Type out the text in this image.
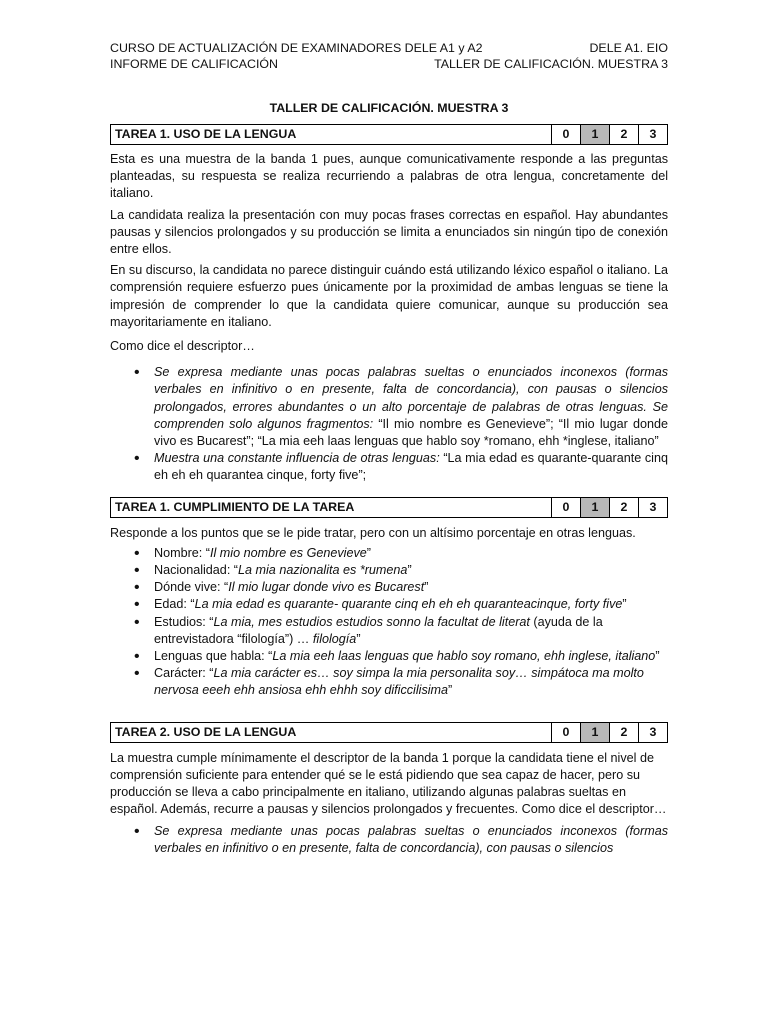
CURSO DE ACTUALIZACIÓN DE EXAMINADORES DELE A1 y A2	DELE A1. EIO
INFORME DE CALIFICACIÓN	TALLER DE CALIFICACIÓN. MUESTRA 3
TALLER DE CALIFICACIÓN. MUESTRA 3
TAREA 1. USO DE LA LENGUA	0	1	2	3

Esta es una muestra de la banda 1 pues, aunque comunicativamente responde a las preguntas planteadas, su respuesta se realiza recurriendo a palabras de otra lengua, concretamente del italiano.

La candidata realiza la presentación con muy pocas frases correctas en español. Hay abundantes pausas y silencios prolongados y su producción se limita a enunciados sin ningún tipo de conexión entre ellos.

En su discurso, la candidata no parece distinguir cuándo está utilizando léxico español o italiano. La comprensión requiere esfuerzo pues únicamente por la proximidad de ambas lenguas se tiene la impresión de comprender lo que la candidata quiere comunicar, aunque su producción sea mayoritariamente en italiano.

Como dice el descriptor…

• Se expresa mediante unas pocas palabras sueltas o enunciados inconexos (formas verbales en infinitivo o en presente, falta de concordancia), con pausas o silencios prolongados, errores abundantes o un alto porcentaje de palabras de otras lenguas. Se comprenden solo algunos fragmentos: “Il mio nombre es Genevieve”; “Il mio lugar donde vivo es Bucarest”; “La mia eeh laas lenguas que hablo soy *romano, ehh *inglese, italiano”
• Muestra una constante influencia de otras lenguas: “La mia edad es quarante-quarante cinq eh eh eh quarantea cinque, forty five”;
TAREA 1. CUMPLIMIENTO DE LA TAREA	0	1	2	3

Responde a los puntos que se le pide tratar, pero con un altísimo porcentaje en otras lenguas.

• Nombre: “Il mio nombre es Genevieve”
• Nacionalidad: “La mia nazionalita es *rumena”
• Dónde vive: “Il mio lugar donde vivo es Bucarest”
• Edad: “La mia edad es quarante- quarante cinq eh eh eh quaranteacinque, forty five”
• Estudios: “La mia, mes estudios estudios sonno la facultat de literat (ayuda de la entrevistadora “filología”) … filología”
• Lenguas que habla: “La mia eeh laas lenguas que hablo soy romano, ehh inglese, italiano”
• Carácter: “La mia carácter es… soy simpa la mia personalita soy… simpátoca ma molto nervosa eeeh ehh ansiosa ehh ehhh soy dificcilisima”
TAREA 2. USO DE LA LENGUA	0	1	2	3

La muestra cumple mínimamente el descriptor de la banda 1 porque la candidata tiene el nivel de comprensión suficiente para entender qué se le está pidiendo que sea capaz de hacer, pero su producción se lleva a cabo principalmente en italiano, utilizando algunas palabras sueltas en español. Además, recurre a pausas y silencios prolongados y frecuentes. Como dice el descriptor…

• Se expresa mediante unas pocas palabras sueltas o enunciados inconexos (formas verbales en infinitivo o en presente, falta de concordancia), con pausas o silencios
